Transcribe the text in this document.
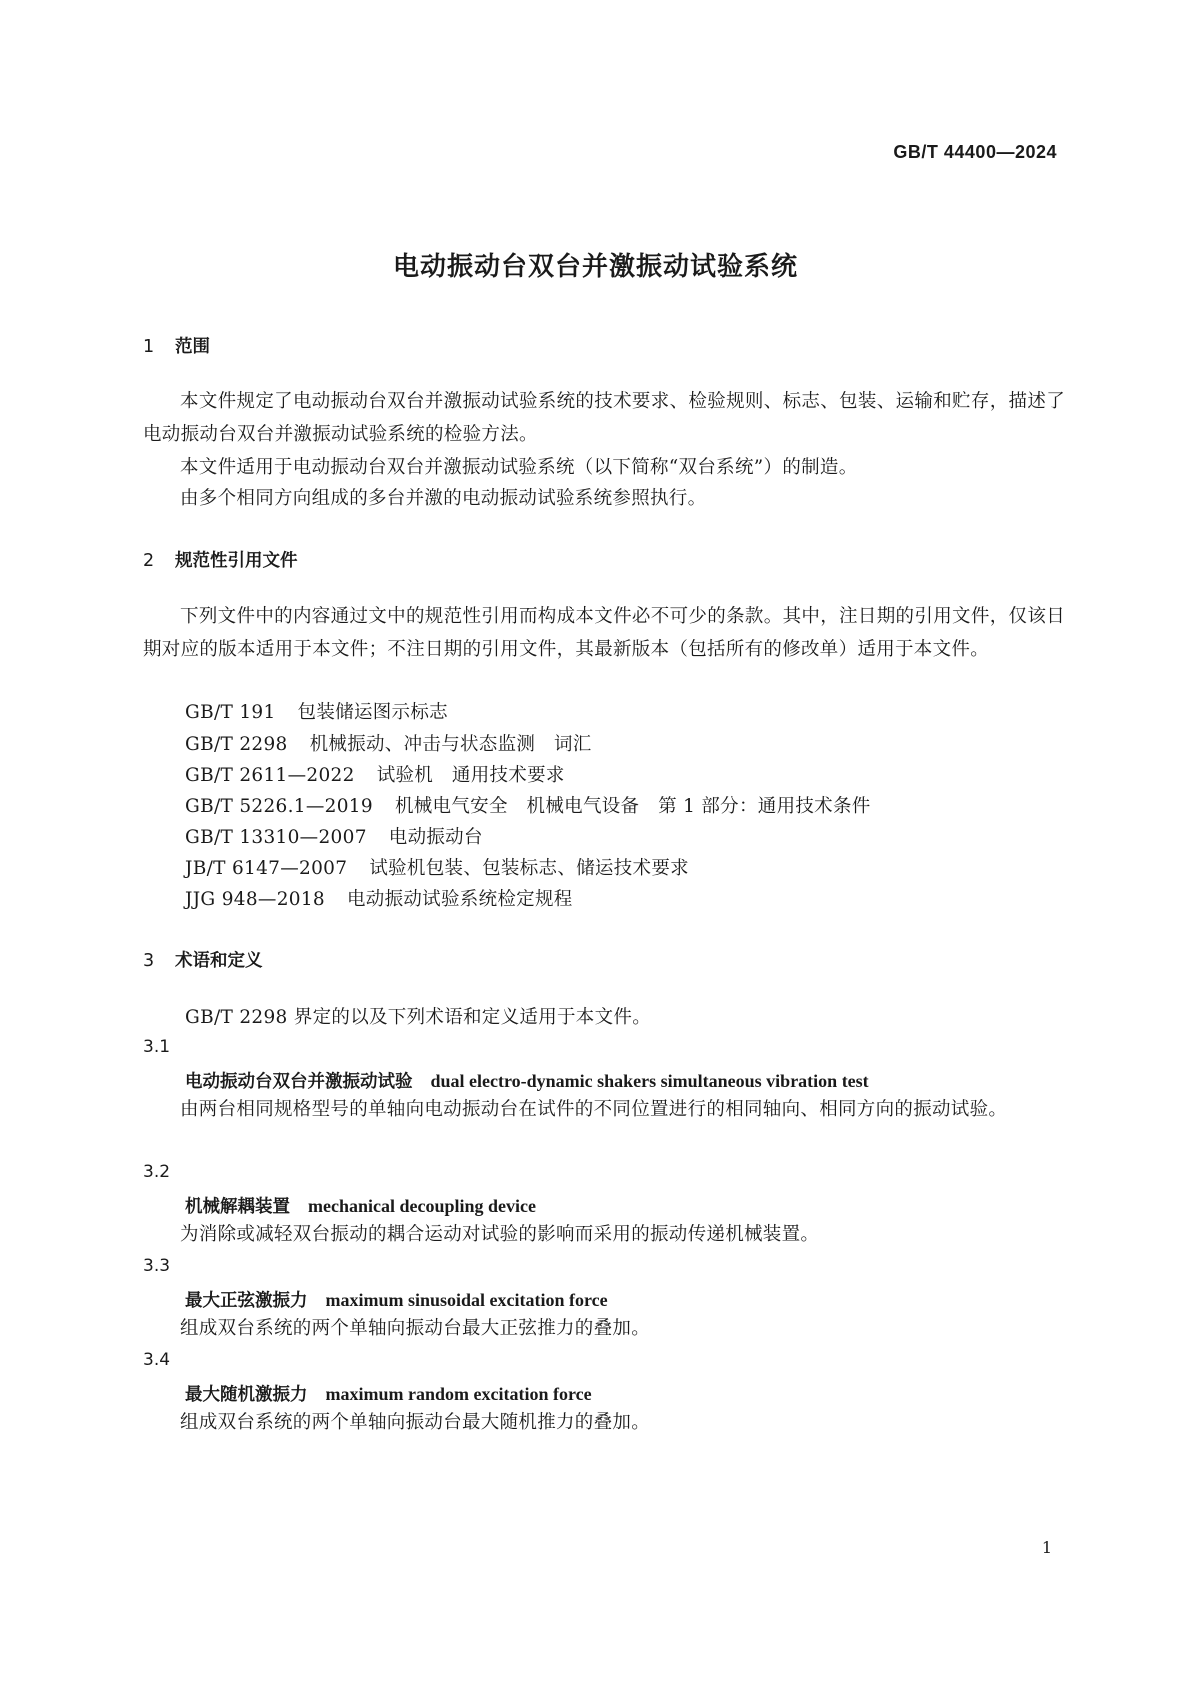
GB/T 44400—2024
电动振动台双台并激振动试验系统
1 范围
本文件规定了电动振动台双台并激振动试验系统的技术要求、检验规则、标志、包装、运输和贮存，描述了电动振动台双台并激振动试验系统的检验方法。
本文件适用于电动振动台双台并激振动试验系统（以下简称“双台系统”）的制造。
由多个相同方向组成的多台并激的电动振动试验系统参照执行。
2 规范性引用文件
下列文件中的内容通过文中的规范性引用而构成本文件必不可少的条款。其中，注日期的引用文件，仅该日期对应的版本适用于本文件；不注日期的引用文件，其最新版本（包括所有的修改单）适用于本文件。
GB/T 191 包装储运图示标志
GB/T 2298 机械振动、冲击与状态监测　词汇
GB/T 2611—2022 试验机　通用技术要求
GB/T 5226.1—2019 机械电气安全　机械电气设备　第 1 部分：通用技术条件
GB/T 13310—2007 电动振动台
JB/T 6147—2007 试验机包装、包装标志、储运技术要求
JJG 948—2018 电动振动试验系统检定规程
3 术语和定义
GB/T 2298 界定的以及下列术语和定义适用于本文件。
3.1
电动振动台双台并激振动试验 dual electro-dynamic shakers simultaneous vibration test
由两台相同规格型号的单轴向电动振动台在试件的不同位置进行的相同轴向、相同方向的振动试验。
3.2
机械解耦装置 mechanical decoupling device
为消除或减轻双台振动的耦合运动对试验的影响而采用的振动传递机械装置。
3.3
最大正弦激振力 maximum sinusoidal excitation force
组成双台系统的两个单轴向振动台最大正弦推力的叠加。
3.4
最大随机激振力 maximum random excitation force
组成双台系统的两个单轴向振动台最大随机推力的叠加。
1
